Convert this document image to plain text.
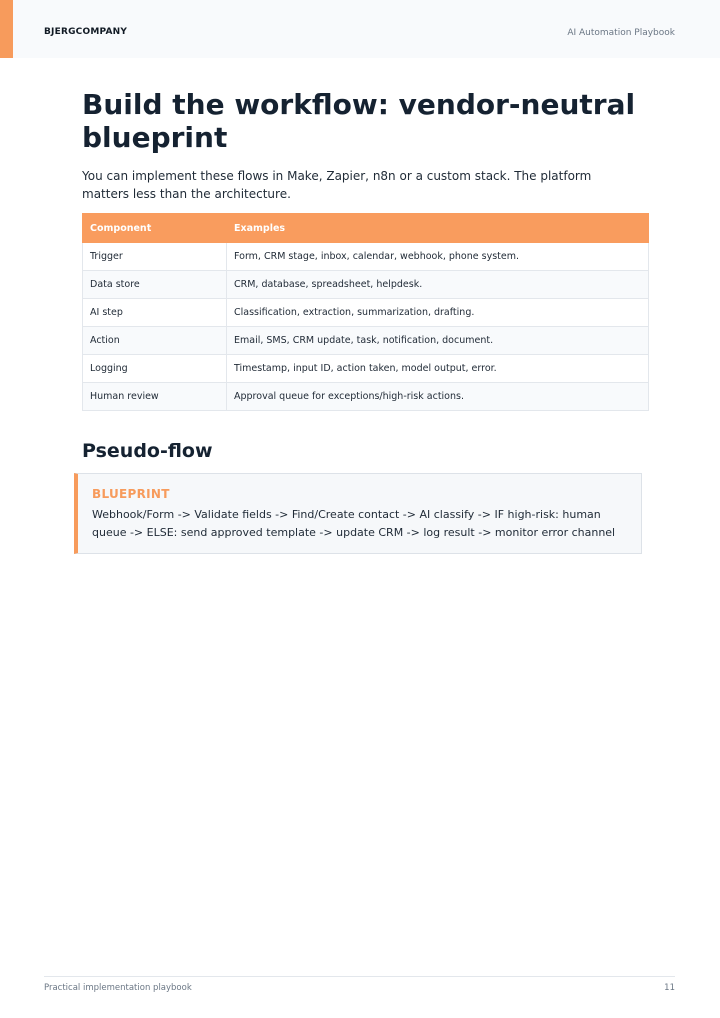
BJERGCOMPANY	AI Automation Playbook
Build the workflow: vendor-neutral blueprint

You can implement these flows in Make, Zapier, n8n or a custom stack. The platform matters less than the architecture.

Component	Examples
Trigger	Form, CRM stage, inbox, calendar, webhook, phone system.
Data store	CRM, database, spreadsheet, helpdesk.
AI step	Classification, extraction, summarization, drafting.
Action	Email, SMS, CRM update, task, notification, document.
Logging	Timestamp, input ID, action taken, model output, error.
Human review	Approval queue for exceptions/high-risk actions.
Pseudo-flow
BLUEPRINT

Webhook/Form -> Validate fields -> Find/Create contact -> AI classify -> IF high-risk: human queue -> ELSE: send approved template -> update CRM -> log result -> monitor error channel

Practical implementation playbook	11
